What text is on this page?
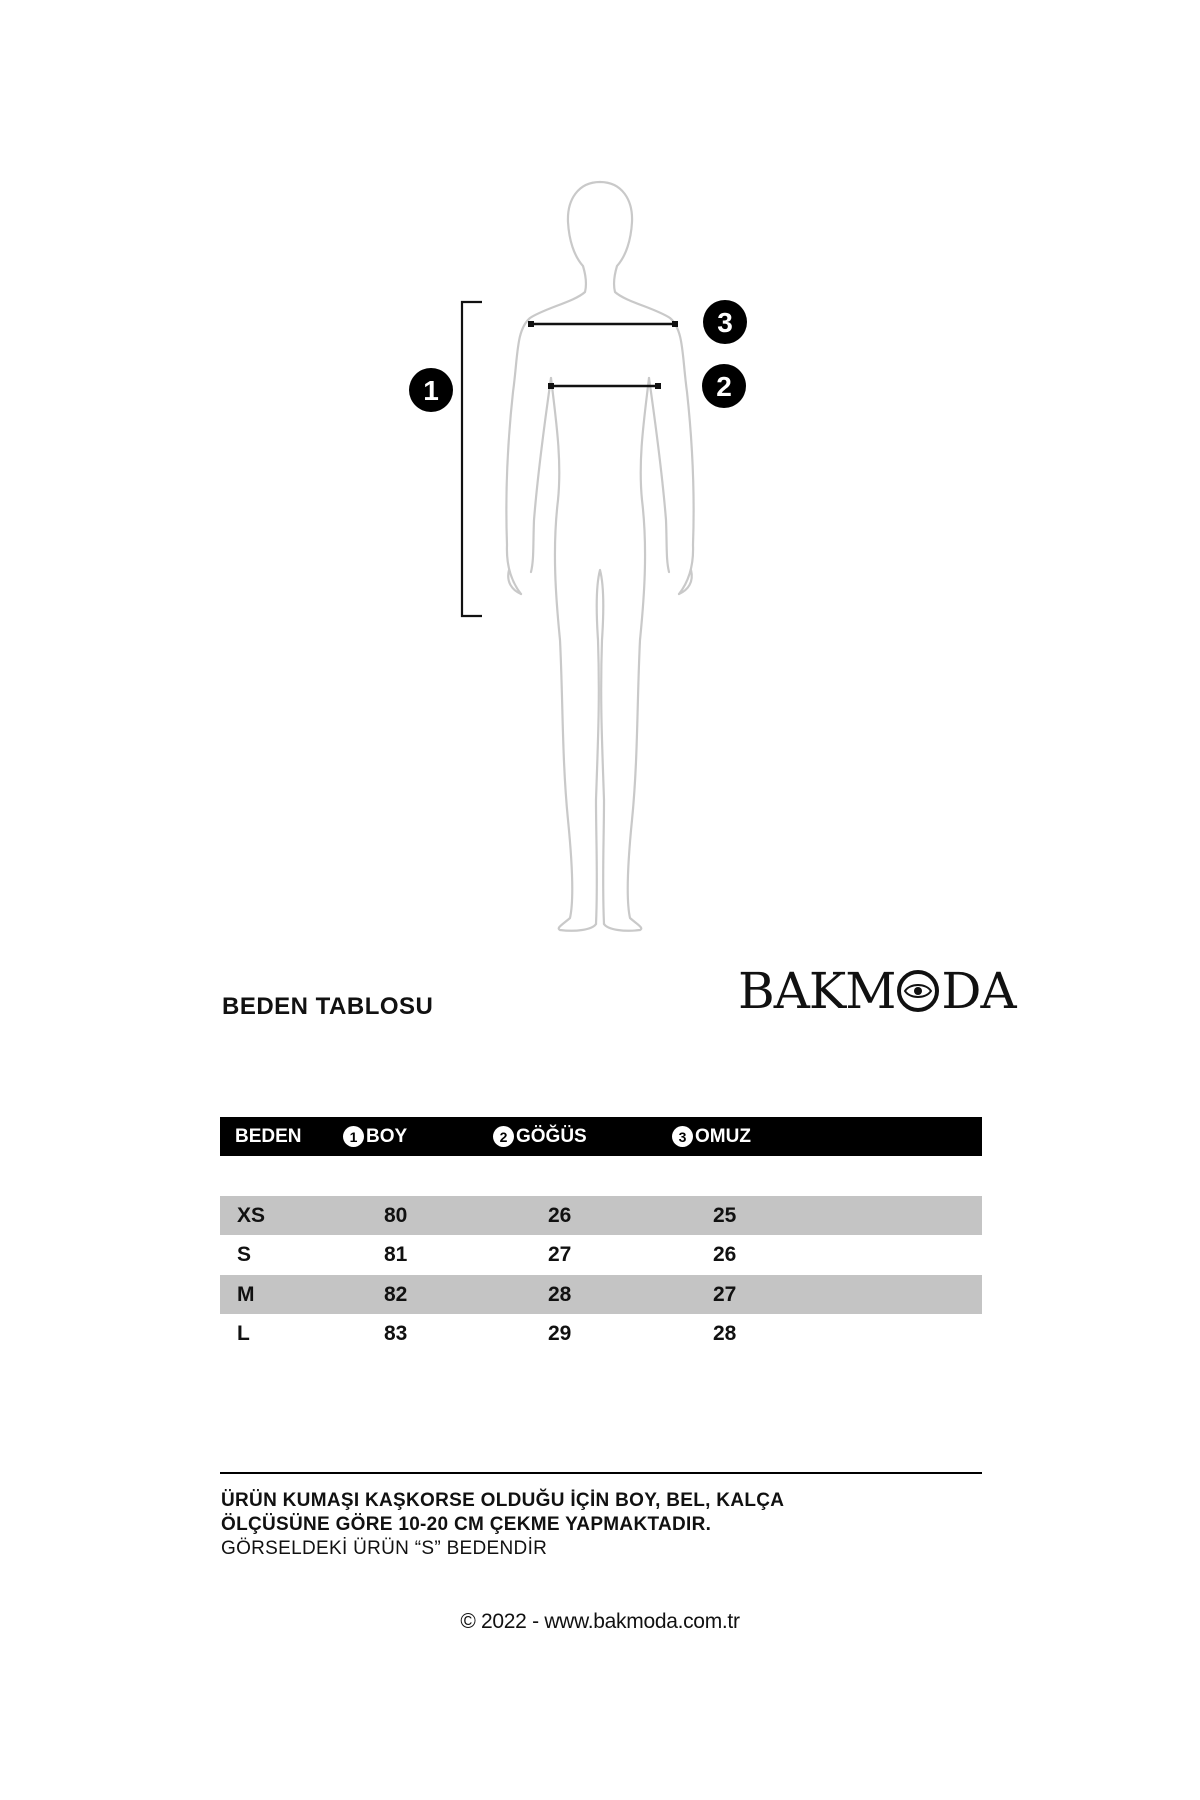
1	2
3
BEDEN TABLOSU	BAKM DA
BEDEN	1 BOY	2 GÖĞÜS	3 OMUZ
XS	80	26	25
S	81	27	26
M	82	28	27
L	83	29	28
ÜRÜN KUMAŞI KAŞKORSE OLDUĞU İÇİN BOY, BEL, KALÇA
ÖLÇÜSÜNE GÖRE 10-20 CM ÇEKME YAPMAKTADIR.
GÖRSELDEKİ ÜRÜN “S” BEDENDİR
© 2022 - www.bakmoda.com.tr
